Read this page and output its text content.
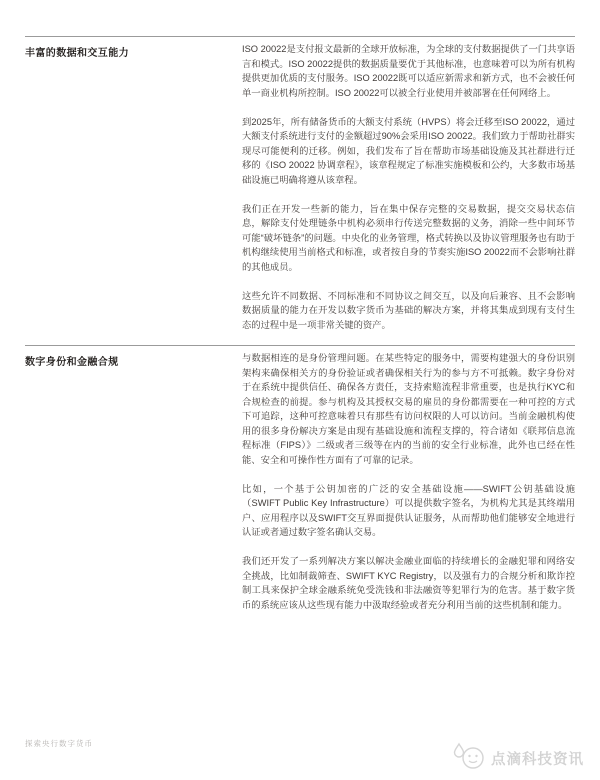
丰富的数据和交互能力	ISO 20022是支付报文最新的全球开放标准，为全球的支付数据提供了一门共享语言和模式。ISO 20022提供的数据质量要优于其他标准，也意味着可以为所有机构提供更加优质的支付服务。ISO 20022既可以适应新需求和新方式，也不会被任何单一商业机构所控制。ISO 20022可以被全行业使用并被部署在任何网络上。

到2025年，所有储备货币的大额支付系统（HVPS）将会迁移至ISO 20022，通过大额支付系统进行支付的金额超过90%会采用ISO 20022。我们致力于帮助社群实现尽可能便利的迁移。例如，我们发布了旨在帮助市场基础设施及其社群进行迁移的《ISO 20022 协调章程》，该章程规定了标准实施模板和公约，大多数市场基础设施已明确将遵从该章程。

我们正在开发一些新的能力，旨在集中保存完整的交易数据，提交交易状态信息，解除支付处理链条中机构必须串行传送完整数据的义务，消除一些中间环节可能“破坏链条”的问题。中央化的业务管理，格式转换以及协议管理服务也有助于机构继续使用当前格式和标准，或者按自身的节奏实施ISO 20022而不会影响社群的其他成员。

这些允许不同数据、不同标准和不同协议之间交互，以及向后兼容、且不会影响数据质量的能力在开发以数字货币为基础的解决方案，并将其集成到现有支付生态的过程中是一项非常关键的资产。

数字身份和金融合规	与数据相连的是身份管理问题。在某些特定的服务中，需要构建强大的身份识别架构来确保相关方的身份验证或者确保相关行为的参与方不可抵赖。数字身份对于在系统中提供信任、确保各方责任，支持索赔流程非常重要，也是执行KYC和合规检查的前提。参与机构及其授权交易的雇员的身份都需要在一种可控的方式下可追踪，这种可控意味着只有那些有访问权限的人可以访问。当前金融机构使用的很多身份解决方案是由现有基础设施和流程支撑的，符合诸如《联邦信息流程标准（FIPS）》二级或者三级等在内的当前的安全行业标准，此外也已经在性能、安全和可操作性方面有了可靠的记录。

比如，一个基于公钥加密的广泛的安全基础设施——SWIFT公钥基础设施（SWIFT Public Key Infrastructure）可以提供数字签名，为机构尤其是其终端用户、应用程序以及SWIFT交互界面提供认证服务，从而帮助他们能够安全地进行认证或者通过数字签名确认交易。

我们还开发了一系列解决方案以解决金融业面临的持续增长的金融犯罪和网络安全挑战，比如制裁筛查、SWIFT KYC Registry，以及强有力的合规分析和欺诈控制工具来保护全球金融系统免受洗钱和非法融资等犯罪行为的危害。基于数字货币的系统应该从这些现有能力中汲取经验或者充分利用当前的这些机制和能力。

探索央行数字货币
点滴科技资讯
